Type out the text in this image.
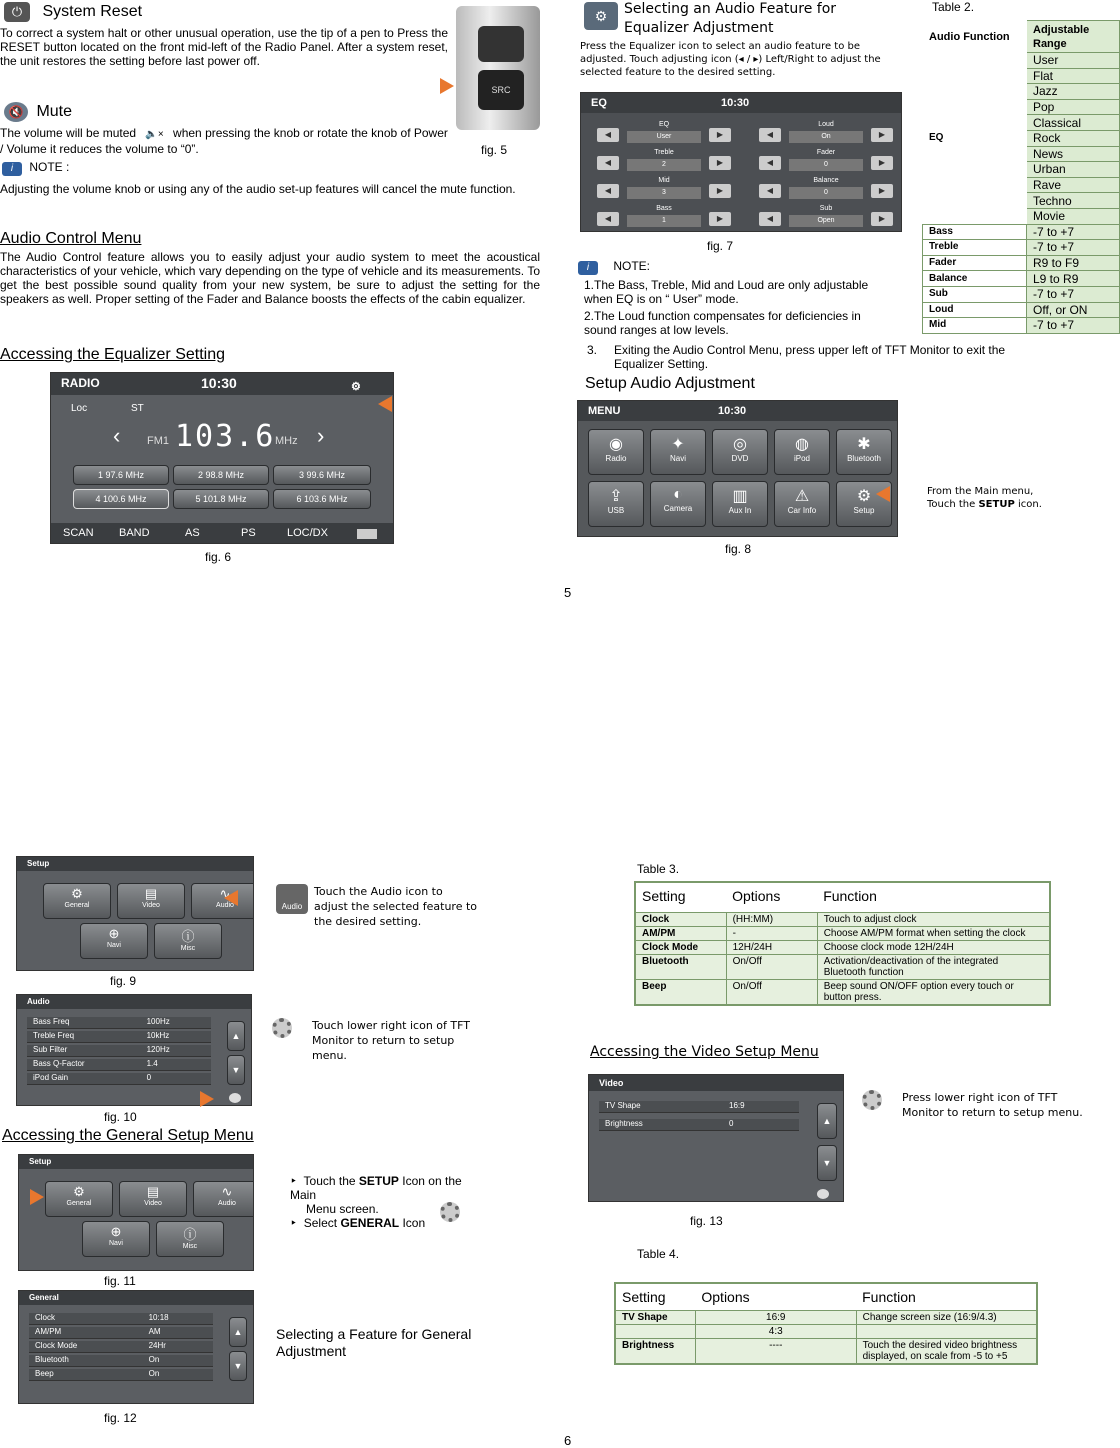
⏻ System Reset
To correct a system halt or other unusual operation, use the tip of a pen to Press the RESET button located on the front mid-left of the Radio Panel. After a system reset, the unit restores the setting before last power off.
SRC
fig. 5
🔇 Mute
The volume will be muted 🔈× when pressing the knob or rotate the knob of Power / Volume it reduces the volume to “0”.
i NOTE :
Adjusting the volume knob or using any of the audio set-up features will cancel the mute function.
Audio Control Menu
The Audio Control feature allows you to easily adjust your audio system to meet the acoustical characteristics of your vehicle, which vary depending on the type of vehicle and its measurements. To get the best possible sound quality from your new system, be sure to adjust the setting for the speakers as well. Proper setting of the Fader and Balance boosts the effects of the cabin equalizer.
Accessing the Equalizer Setting
RADIO	10:30	⚙
Loc	ST
‹ FM1 103.6 MHz ›
1 97.6 MHz	2 98.8 MHz	3 99.6 MHz
4 100.6 MHz	5 101.8 MHz	6 103.6 MHz
SCAN BAND	AS	PS	LOC/DX
fig. 6
⚙	Selecting an Audio Feature for Equalizer Adjustment
Press the Equalizer icon to select an audio feature to be adjusted. Touch adjusting icon (◂ / ▸) Left/Right to adjust the selected feature to the desired setting.
EQ	10:30
◀
EQ
User	▶	◀
Loud
On	▶
◀
Treble
2	▶	◀
Fader
0	▶
◀
Mid
3	▶	◀
Balance
0	▶
◀
Bass
1	▶	◀
Sub
Open	▶
fig. 7
i NOTE:
1.The Bass, Treble, Mid and Loud are only adjustable when EQ is on “ User” mode.
2.The Loud function compensates for deficiencies in sound ranges at low levels.
3. Exiting the Audio Control Menu, press upper left of TFT Monitor to exit the Equalizer Setting.
Setup Audio Adjustment
MENU	10:30
◉
Radio
✦
Navi
◎
DVD
◍
iPod
✱
Bluetooth
⇪
USB
◐
Camera
▥
Aux In
⚠
Car Info
⚙
Setup
fig. 8
From the Main menu,
Touch the SETUP icon.
Table 2.
Audio Function	Adjustable Range
EQ	User
	Flat
	Jazz
	Pop
	Classical
	Rock
	News
	Urban
	Rave
	Techno
	Movie
Bass	-7 to +7
Treble	-7 to +7
Fader	R9 to F9
Balance	L9 to R9
Sub	-7 to +7
Loud	Off, or ON
Mid	-7 to +7
5
Setup
⚙
General
▤
Video
∿
Audio
⊕
Navi
ⓘ
Misc
fig. 9
Audio
Touch the Audio icon to adjust the selected feature to the desired setting.
Audio
Bass Freq	100Hz
Treble Freq	10kHz
Sub Filter	120Hz
Bass Q-Factor	1.4
iPod Gain	0
▲
▼
fig. 10
Touch lower right icon of TFT Monitor to return to setup menu.
Accessing the General Setup Menu
Setup
⚙
General
▤
Video
∿
Audio
⊕
Navi
ⓘ
Misc
fig. 11
‣  Touch the SETUP Icon on the Main
Menu screen.
‣  Select GENERAL Icon
General
Clock	10:18
AM/PM	AM
Clock Mode	24Hr
Bluetooth	On
Beep	On
▲
▼
fig. 12
Selecting a Feature for General Adjustment
Table 3.
Setting	Options	Function
Clock	(HH:MM)	Touch to adjust clock
AM/PM	-	Choose AM/PM format when setting the clock
Clock Mode	12H/24H	Choose clock mode 12H/24H
Bluetooth	On/Off	Activation/deactivation of the integrated Bluetooth function
Beep	On/Off	Beep sound ON/OFF option every touch or button press.
Accessing the Video Setup Menu
Video
TV Shape	16:9
Brightness	0	▲
▼
fig. 13
Press lower right icon of TFT Monitor to return to setup menu.
Table 4.
Setting	Options	Function
TV Shape	16:9	Change screen size (16:9/4.3)
	4:3	
Brightness	----	Touch the desired video brightness displayed, on scale from -5 to +5
6
